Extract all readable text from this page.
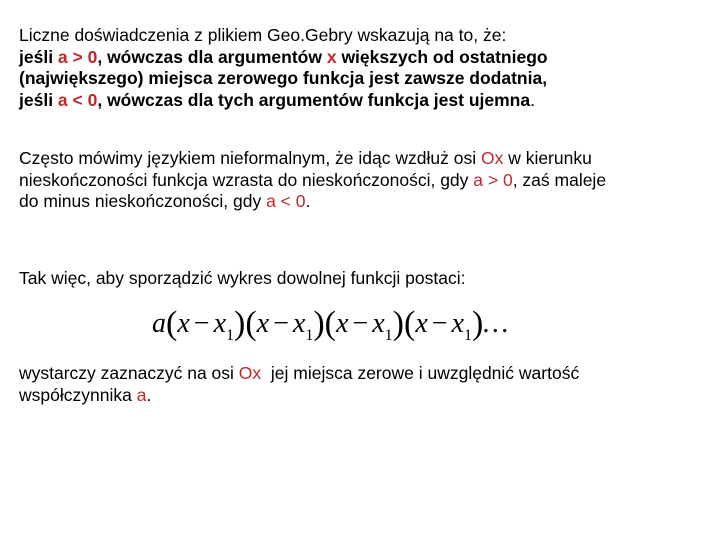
Liczne doświadczenia z plikiem Geo.Gebry wskazują na to, że:
jeśli a > 0, wówczas dla argumentów x większych od ostatniego
(największego) miejsca zerowego funkcja jest zawsze dodatnia,
jeśli a < 0, wówczas dla tych argumentów funkcja jest ujemna.
Często mówimy językiem nieformalnym, że idąc wzdłuż osi Ox w kierunku
nieskończoności funkcja wzrasta do nieskończoności, gdy a > 0, zaś maleje
do minus nieskończoności, gdy a < 0.
Tak więc, aby sporządzić wykres dowolnej funkcji postaci:
$a(x - x_1)(x - x_1)(x - x_1)(x$ − $x_1)\dots$
wystarczy zaznaczyć na osi Ox  jej miejsca zerowe i uwzględnić wartość
współczynnika a.
